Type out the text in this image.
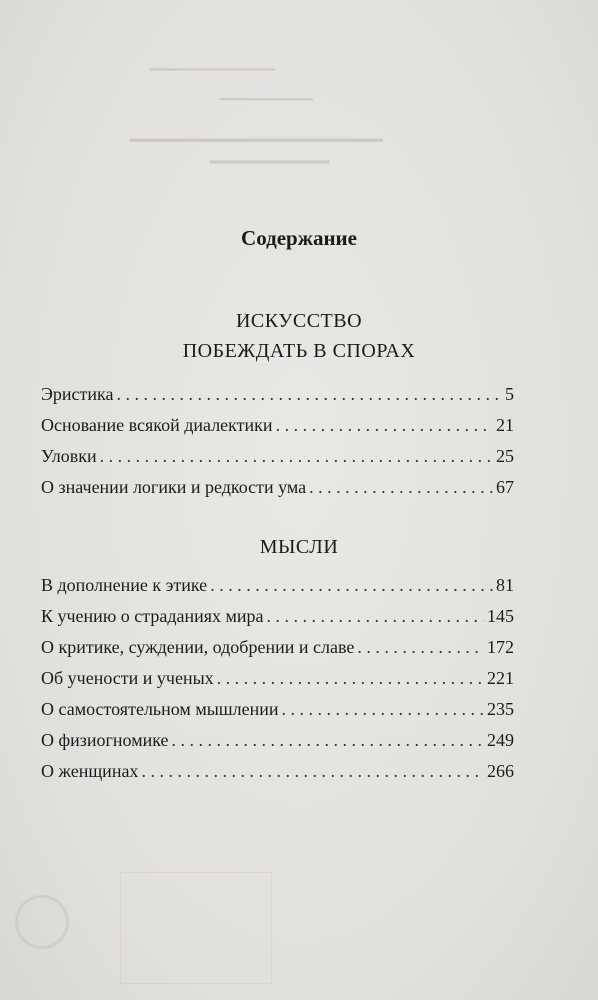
━━━━━━━━━━━━━━━━
━━━━━━━━━━━
━━━━━━━━━━━━━━━━━━━━━
━━━━━━━━━━━
Содержание
ИСКУССТВО
ПОБЕЖДАТЬ В СПОРАХ
Эристика . . .	5
Основание всякой диалектики . . .	21
Уловки . . .	25
О значении логики и редкости ума . . .	67
МЫСЛИ
В дополнение к этике . . .	81
К учению о страданиях мира . . .	145
О критике, суждении, одобрении и славе . . .	172
Об учености и ученых . . .	221
О самостоятельном мышлении . . .	235
О физиогномике . . .	249
О женщинах . . .	266
